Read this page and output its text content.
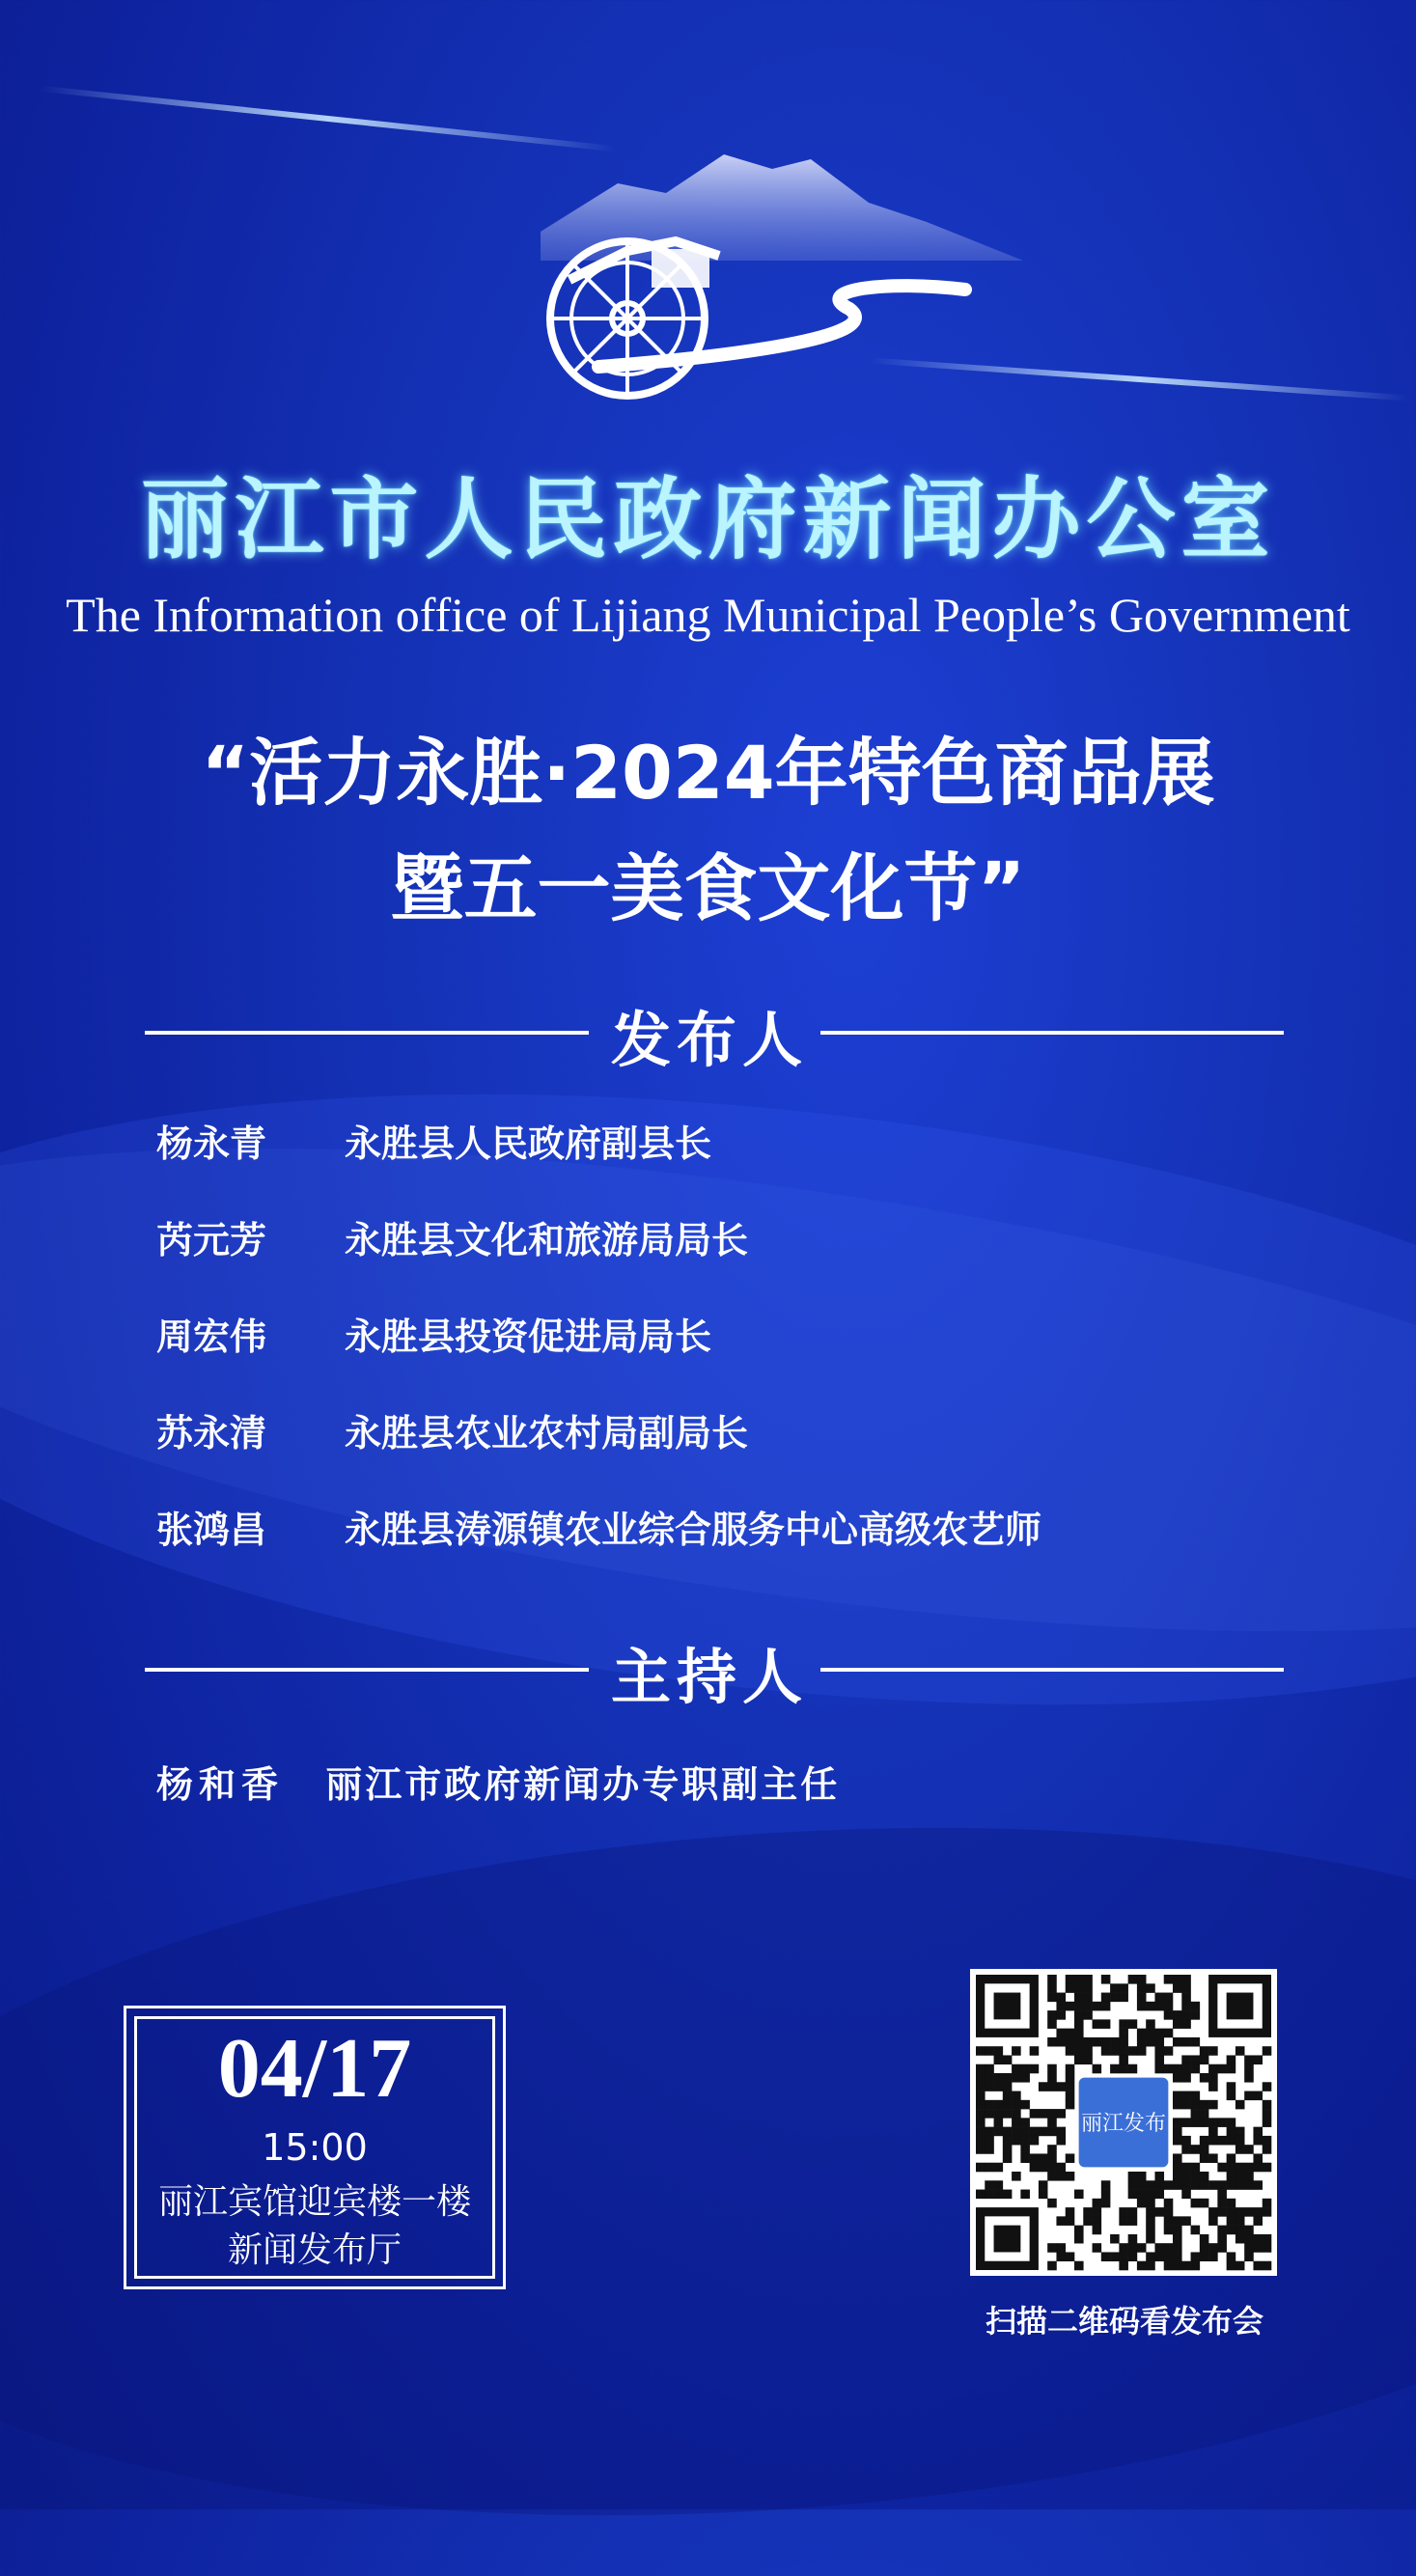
丽江市人民政府新闻办公室
The Information office of Lijiang Municipal People’s Government
“活力永胜·2024年特色商品展
暨五一美食文化节”
发布人
杨永青	永胜县人民政府副县长
芮元芳	永胜县文化和旅游局局长
周宏伟	永胜县投资促进局局长
苏永清	永胜县农业农村局副局长
张鸿昌	永胜县涛源镇农业综合服务中心高级农艺师
主持人
杨和香 丽江市政府新闻办专职副主任
04/17
15:00
丽江宾馆迎宾楼一楼
新闻发布厅
丽江发布
扫描二维码看发布会
